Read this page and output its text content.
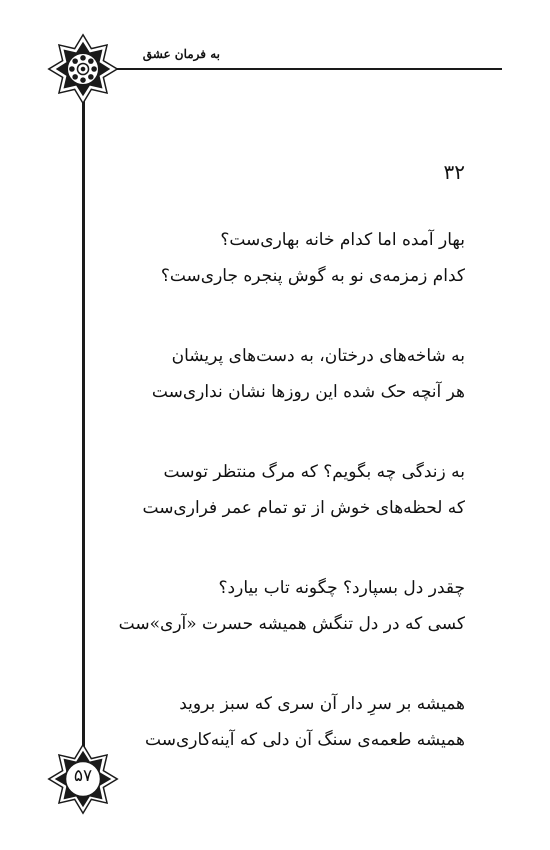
به فرمان عشق
۳۲
بهار آمده اما کدام خانه بهاری‌ست؟
کدام زمزمه‌ی نو به گوش پنجره جاری‌ست؟
به شاخه‌های درختان، به دست‌های پریشان
هر آنچه حک شده این روزها نشان نداری‌ست
به زندگی چه بگویم؟ که مرگ منتظر توست
که لحظه‌های خوش از تو تمام عمر فراری‌ست
چقدر دل بسپارد؟ چگونه تاب بیارد؟
کسی که در دل تنگش همیشه حسرت «آری»ست
همیشه بر سرِ دار آن سری که سبز بروید
همیشه طعمه‌ی سنگ آن دلی که آینه‌کاری‌ست
۵۷
